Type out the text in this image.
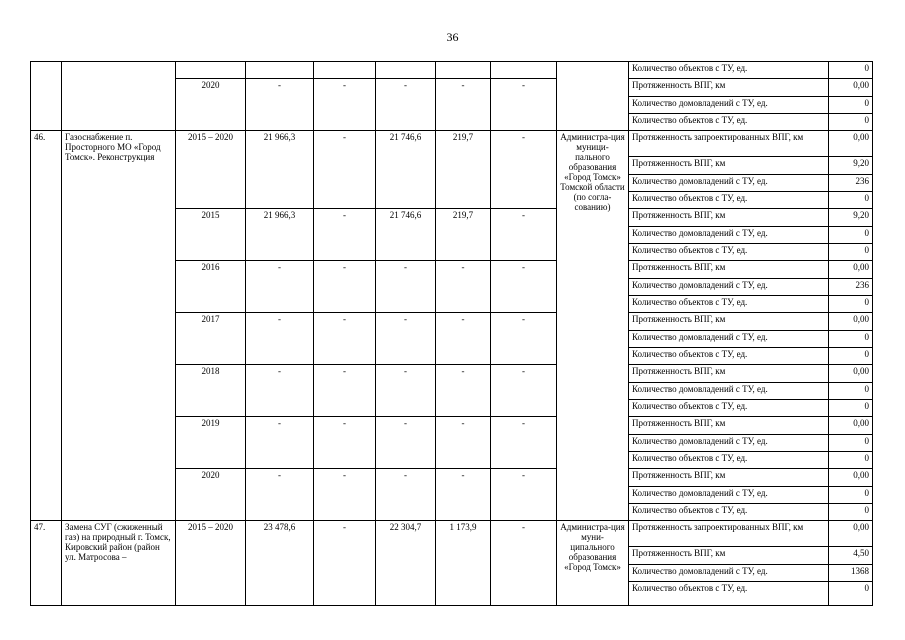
36
									Количество объектов с ТУ, ед.	0
		2020	-	-	-	-	-		Протяженность ВПГ, км	0,00
									Количество домовладений с ТУ, ед.	0
									Количество объектов с ТУ, ед.	0
46.	Газоснабжение п. Просторного МО «Город Томск». Реконструкция	2015 – 2020	21 966,3	-	21 746,6	219,7	-	Администра-ция муници-пального образования «Город Томск» Томской области (по согла-сованию)	Протяженность запроектированных ВПГ, км	0,00
									Протяженность ВПГ, км	9,20
									Количество домовладений с ТУ, ед.	236
									Количество объектов с ТУ, ед.	0
		2015	21 966,3	-	21 746,6	219,7	-		Протяженность ВПГ, км	9,20
									Количество домовладений с ТУ, ед.	0
									Количество объектов с ТУ, ед.	0
		2016	-	-	-	-	-		Протяженность ВПГ, км	0,00
									Количество домовладений с ТУ, ед.	236
									Количество объектов с ТУ, ед.	0
		2017	-	-	-	-	-		Протяженность ВПГ, км	0,00
									Количество домовладений с ТУ, ед.	0
									Количество объектов с ТУ, ед.	0
		2018	-	-	-	-	-		Протяженность ВПГ, км	0,00
									Количество домовладений с ТУ, ед.	0
									Количество объектов с ТУ, ед.	0
		2019	-	-	-	-	-		Протяженность ВПГ, км	0,00
									Количество домовладений с ТУ, ед.	0
									Количество объектов с ТУ, ед.	0
		2020	-	-	-	-	-		Протяженность ВПГ, км	0,00
									Количество домовладений с ТУ, ед.	0
									Количество объектов с ТУ, ед.	0
47.	Замена СУГ (сжиженный газ) на природный г. Томск, Кировский район (район ул. Матросова –	2015 – 2020	23 478,6	-	22 304,7	1 173,9	-	Администра-ция муни-ципального образования «Город Томск»	Протяженность запроектированных ВПГ, км	0,00
									Протяженность ВПГ, км	4,50
									Количество домовладений с ТУ, ед.	1368
									Количество объектов с ТУ, ед.	0
